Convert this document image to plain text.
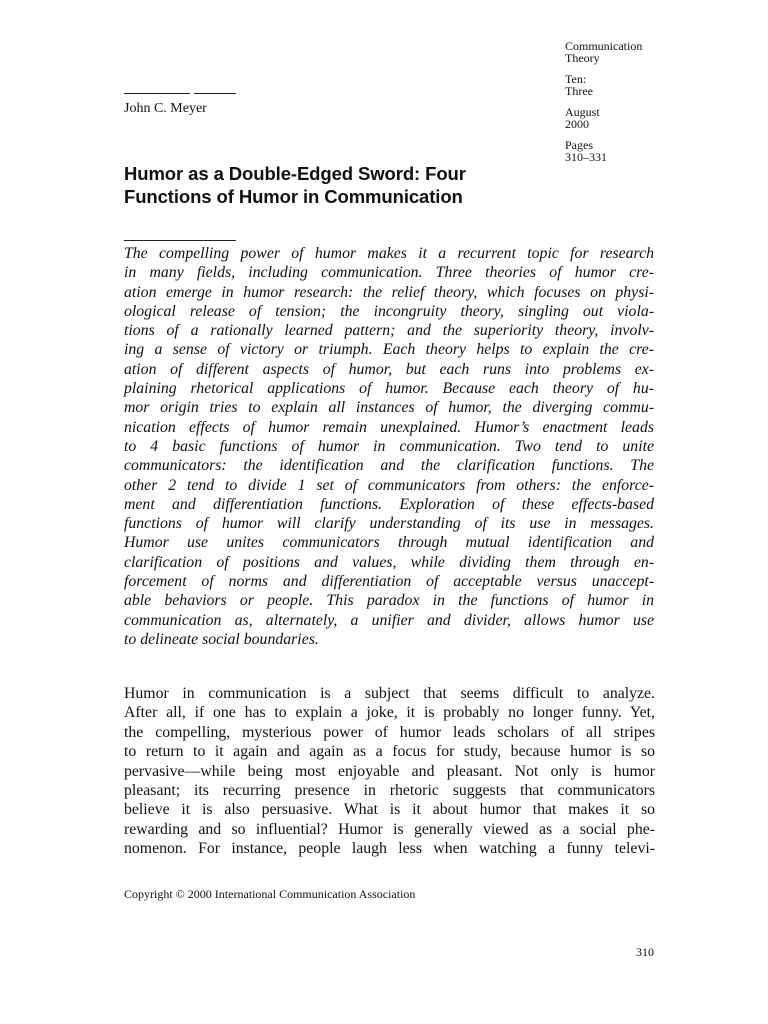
Communication
Theory
Ten:
Three
August
2000
Pages
310–331
John C. Meyer
Humor as a Double-Edged Sword: Four
Functions of Humor in Communication
The compelling power of humor makes it a recurrent topic for research
in many fields, including communication. Three theories of humor cre-
ation emerge in humor research: the relief theory, which focuses on physi-
ological release of tension; the incongruity theory, singling out viola-
tions of a rationally learned pattern; and the superiority theory, involv-
ing a sense of victory or triumph. Each theory helps to explain the cre-
ation of different aspects of humor, but each runs into problems ex-
plaining rhetorical applications of humor. Because each theory of hu-
mor origin tries to explain all instances of humor, the diverging commu-
nication effects of humor remain unexplained. Humor’s enactment leads
to 4 basic functions of humor in communication. Two tend to unite
communicators: the identification and the clarification functions. The
other 2 tend to divide 1 set of communicators from others: the enforce-
ment and differentiation functions. Exploration of these effects-based
functions of humor will clarify understanding of its use in messages.
Humor use unites communicators through mutual identification and
clarification of positions and values, while dividing them through en-
forcement of norms and differentiation of acceptable versus unaccept-
able behaviors or people. This paradox in the functions of humor in
communication as, alternately, a unifier and divider, allows humor use
to delineate social boundaries.
Humor in communication is a subject that seems difficult to analyze.
After all, if one has to explain a joke, it is probably no longer funny. Yet,
the compelling, mysterious power of humor leads scholars of all stripes
to return to it again and again as a focus for study, because humor is so
pervasive—while being most enjoyable and pleasant. Not only is humor
pleasant; its recurring presence in rhetoric suggests that communicators
believe it is also persuasive. What is it about humor that makes it so
rewarding and so influential? Humor is generally viewed as a social phe-
nomenon. For instance, people laugh less when watching a funny televi-
Copyright © 2000 International Communication Association
310
